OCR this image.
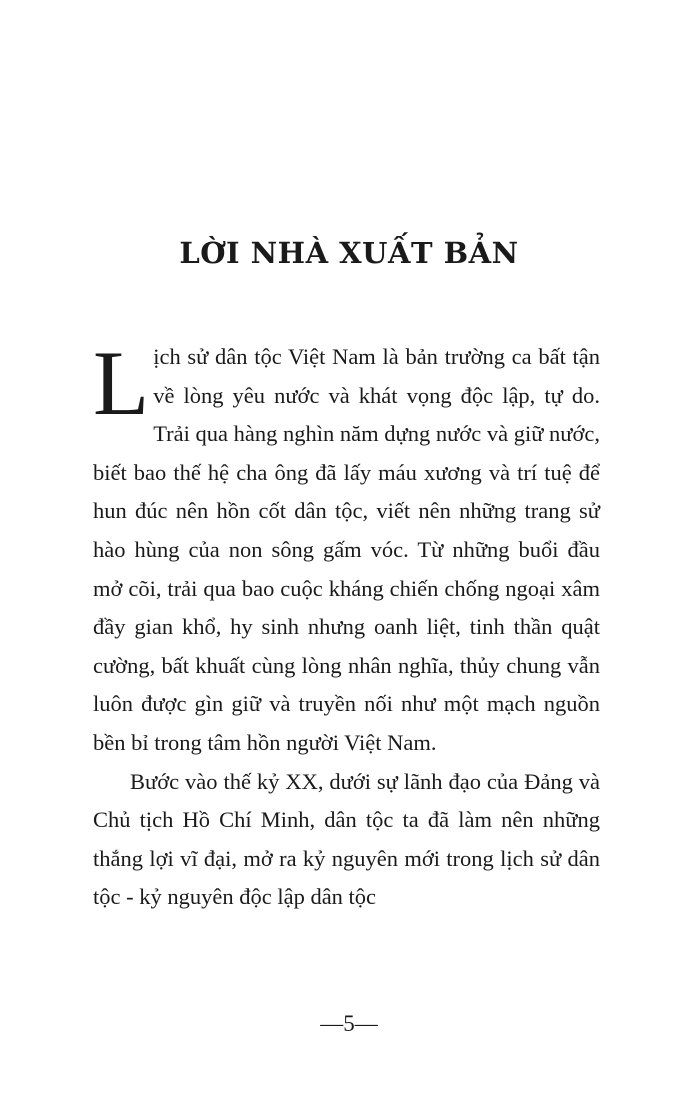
LỜI NHÀ XUẤT BẢN

Lịch sử dân tộc Việt Nam là bản trường ca bất tận về lòng yêu nước và khát vọng độc lập, tự do. Trải qua hàng nghìn năm dựng nước và giữ nước, biết bao thế hệ cha ông đã lấy máu xương và trí tuệ để hun đúc nên hồn cốt dân tộc, viết nên những trang sử hào hùng của non sông gấm vóc. Từ những buổi đầu mở cõi, trải qua bao cuộc kháng chiến chống ngoại xâm đầy gian khổ, hy sinh nhưng oanh liệt, tinh thần quật cường, bất khuất cùng lòng nhân nghĩa, thủy chung vẫn luôn được gìn giữ và truyền nối như một mạch nguồn bền bỉ trong tâm hồn người Việt Nam.

Bước vào thế kỷ XX, dưới sự lãnh đạo của Đảng và Chủ tịch Hồ Chí Minh, dân tộc ta đã làm nên những thắng lợi vĩ đại, mở ra kỷ nguyên mới trong lịch sử dân tộc - kỷ nguyên độc lập dân tộc

—5—
